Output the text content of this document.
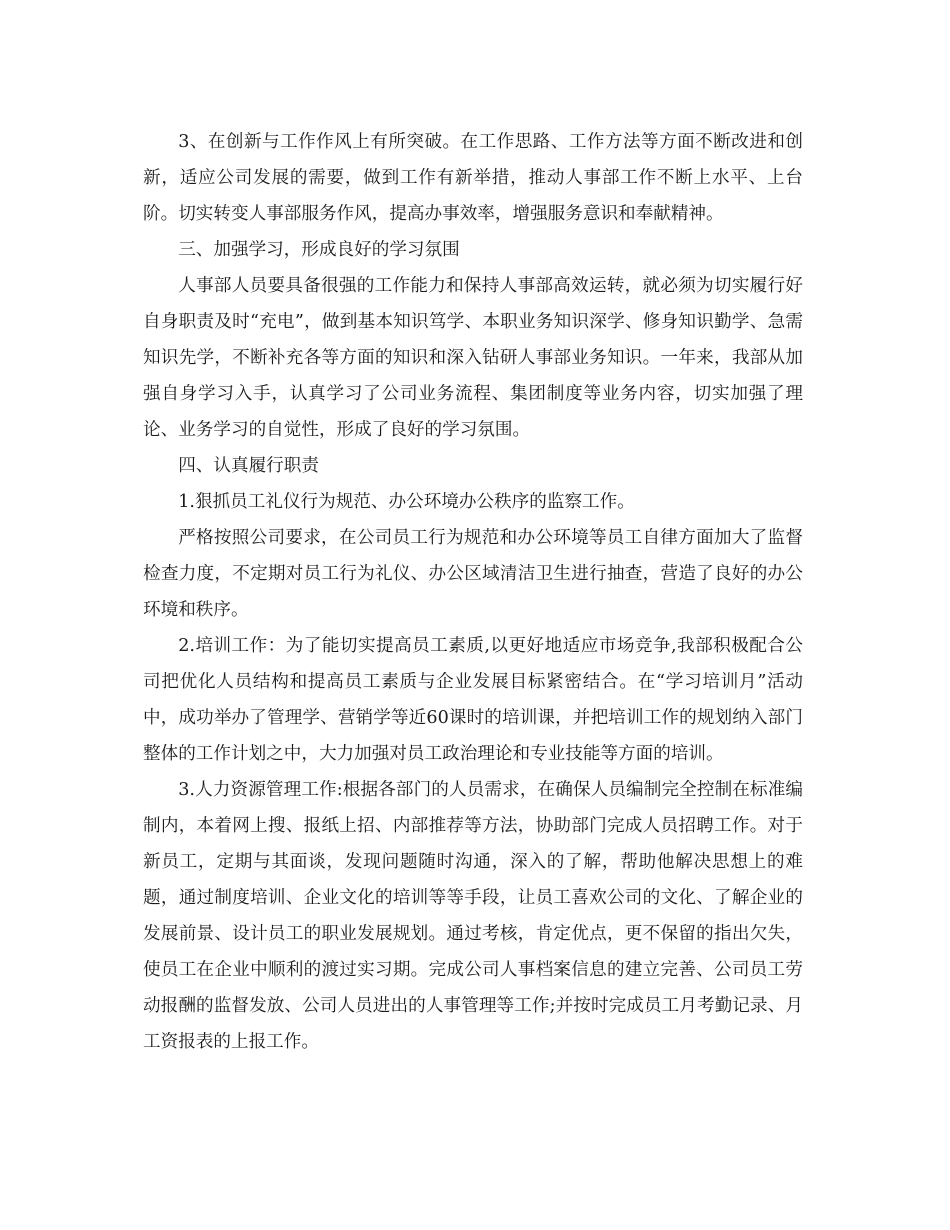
3、在创新与工作作风上有所突破。在工作思路、工作方法等方面不断改进和创新，适应公司发展的需要，做到工作有新举措，推动人事部工作不断上水平、上台阶。切实转变人事部服务作风，提高办事效率，增强服务意识和奉献精神。

三、加强学习，形成良好的学习氛围

人事部人员要具备很强的工作能力和保持人事部高效运转，就必须为切实履行好自身职责及时“充电”，做到基本知识笃学、本职业务知识深学、修身知识勤学、急需知识先学，不断补充各等方面的知识和深入钻研人事部业务知识。一年来，我部从加强自身学习入手，认真学习了公司业务流程、集团制度等业务内容，切实加强了理论、业务学习的自觉性，形成了良好的学习氛围。

四、认真履行职责

1.狠抓员工礼仪行为规范、办公环境办公秩序的监察工作。

严格按照公司要求，在公司员工行为规范和办公环境等员工自律方面加大了监督检查力度，不定期对员工行为礼仪、办公区域清洁卫生进行抽查，营造了良好的办公环境和秩序。

2.培训工作：为了能切实提高员工素质,以更好地适应市场竞争,我部积极配合公司把优化人员结构和提高员工素质与企业发展目标紧密结合。在“学习培训月”活动中，成功举办了管理学、营销学等近60课时的培训课，并把培训工作的规划纳入部门整体的工作计划之中，大力加强对员工政治理论和专业技能等方面的培训。

3.人力资源管理工作:根据各部门的人员需求，在确保人员编制完全控制在标准编制内，本着网上搜、报纸上招、内部推荐等方法，协助部门完成人员招聘工作。对于新员工，定期与其面谈，发现问题随时沟通，深入的了解，帮助他解决思想上的难题，通过制度培训、企业文化的培训等等手段，让员工喜欢公司的文化、了解企业的发展前景、设计员工的职业发展规划。通过考核，肯定优点，更不保留的指出欠失，使员工在企业中顺利的渡过实习期。完成公司人事档案信息的建立完善、公司员工劳动报酬的监督发放、公司人员进出的人事管理等工作;并按时完成员工月考勤记录、月工资报表的上报工作。
